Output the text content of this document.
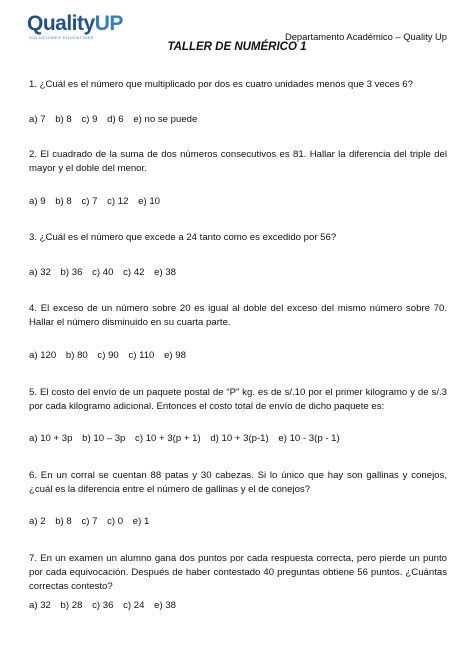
QualityUP
SOLUCIONES EDUCATIVAS	Departamento Académico – Quality Up
TALLER DE NUMÉRICO 1
1. ¿Cuál es el número que multiplicado por dos es cuatro unidades menos que 3 veces 6?
a) 7 b) 8 c) 9 d) 6 e) no se puede
2. El cuadrado de la suma de dos números consecutivos es 81. Hallar la diferencia del triple del mayor y el doble del menor.
a) 9 b) 8 c) 7 c) 12 e) 10
3. ¿Cuál es el número que excede a 24 tanto como es excedido por 56?
a) 32 b) 36 c) 40 c) 42 e) 38
4. El exceso de un número sobre 20 es igual al doble del exceso del mismo número sobre 70. Hallar el número disminuido en su cuarta parte.
a) 120 b) 80 c) 90 c) 110 e) 98
5. El costo del envío de un paquete postal de “P” kg. es de s/.10 por el primer kilogramo y de s/.3 por cada kilogramo adicional. Entonces el costo total de envío de dicho paquete es:
a) 10 + 3p b) 10 – 3p c) 10 + 3(p + 1) d) 10 + 3(p-1) e) 10 - 3(p - 1)
6. En un corral se cuentan 88 patas y 30 cabezas. Si lo único que hay son gallinas y conejos, ¿cuál es la diferencia entre el número de gallinas y el de conejos?
a) 2 b) 8 c) 7 c) 0 e) 1
7. En un examen un alumno gana dos puntos por cada respuesta correcta, pero pierde un punto por cada equivocación. Después de haber contestado 40 preguntas obtiene 56 puntos. ¿Cuántas correctas contesto?
a) 32 b) 28 c) 36 c) 24 e) 38
